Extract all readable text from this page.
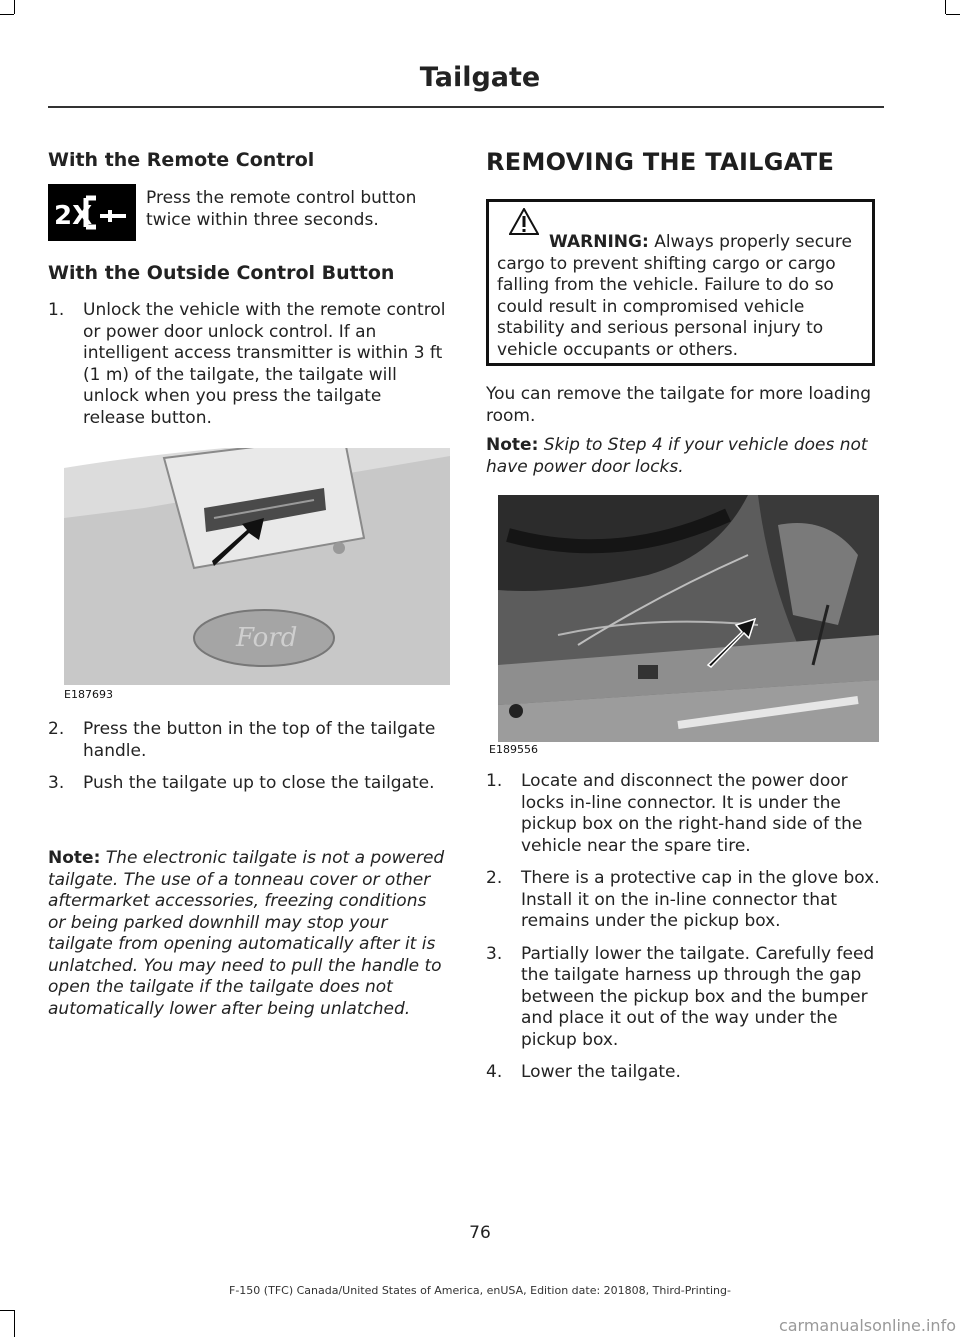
Tailgate
With the Remote Control
2X

Press the remote control button twice within three seconds.

With the Outside Control Button
1. Unlock the vehicle with the remote control or power door unlock control. If an intelligent access transmitter is within 3 ft (1 m) of the tailgate, the tailgate will unlock when you press the tailgate release button.
Ford
E187693
2. Press the button in the top of the tailgate handle.
3. Push the tailgate up to close the tailgate.

Note: The electronic tailgate is not a powered tailgate. The use of a tonneau cover or other aftermarket accessories, freezing conditions or being parked downhill may stop your tailgate from opening automatically after it is unlatched. You may need to pull the handle to open the tailgate if the tailgate does not automatically lower after being unlatched.

REMOVING THE TAILGATE
WARNING: Always properly secure cargo to prevent shifting cargo or cargo falling from the vehicle. Failure to do so could result in compromised vehicle stability and serious personal injury to vehicle occupants or others.

You can remove the tailgate for more loading room.

Note: Skip to Step 4 if your vehicle does not have power door locks.

E189556
1. Locate and disconnect the power door locks in-line connector. It is under the pickup box on the right-hand side of the vehicle near the spare tire.
2. There is a protective cap in the glove box. Install it on the in-line connector that remains under the pickup box.
3. Partially lower the tailgate. Carefully feed the tailgate harness up through the gap between the pickup box and the bumper and place it out of the way under the pickup box.
4. Lower the tailgate.
76
F-150 (TFC) Canada/United States of America, enUSA, Edition date: 201808, Third-Printing-
carmanualsonline.info
